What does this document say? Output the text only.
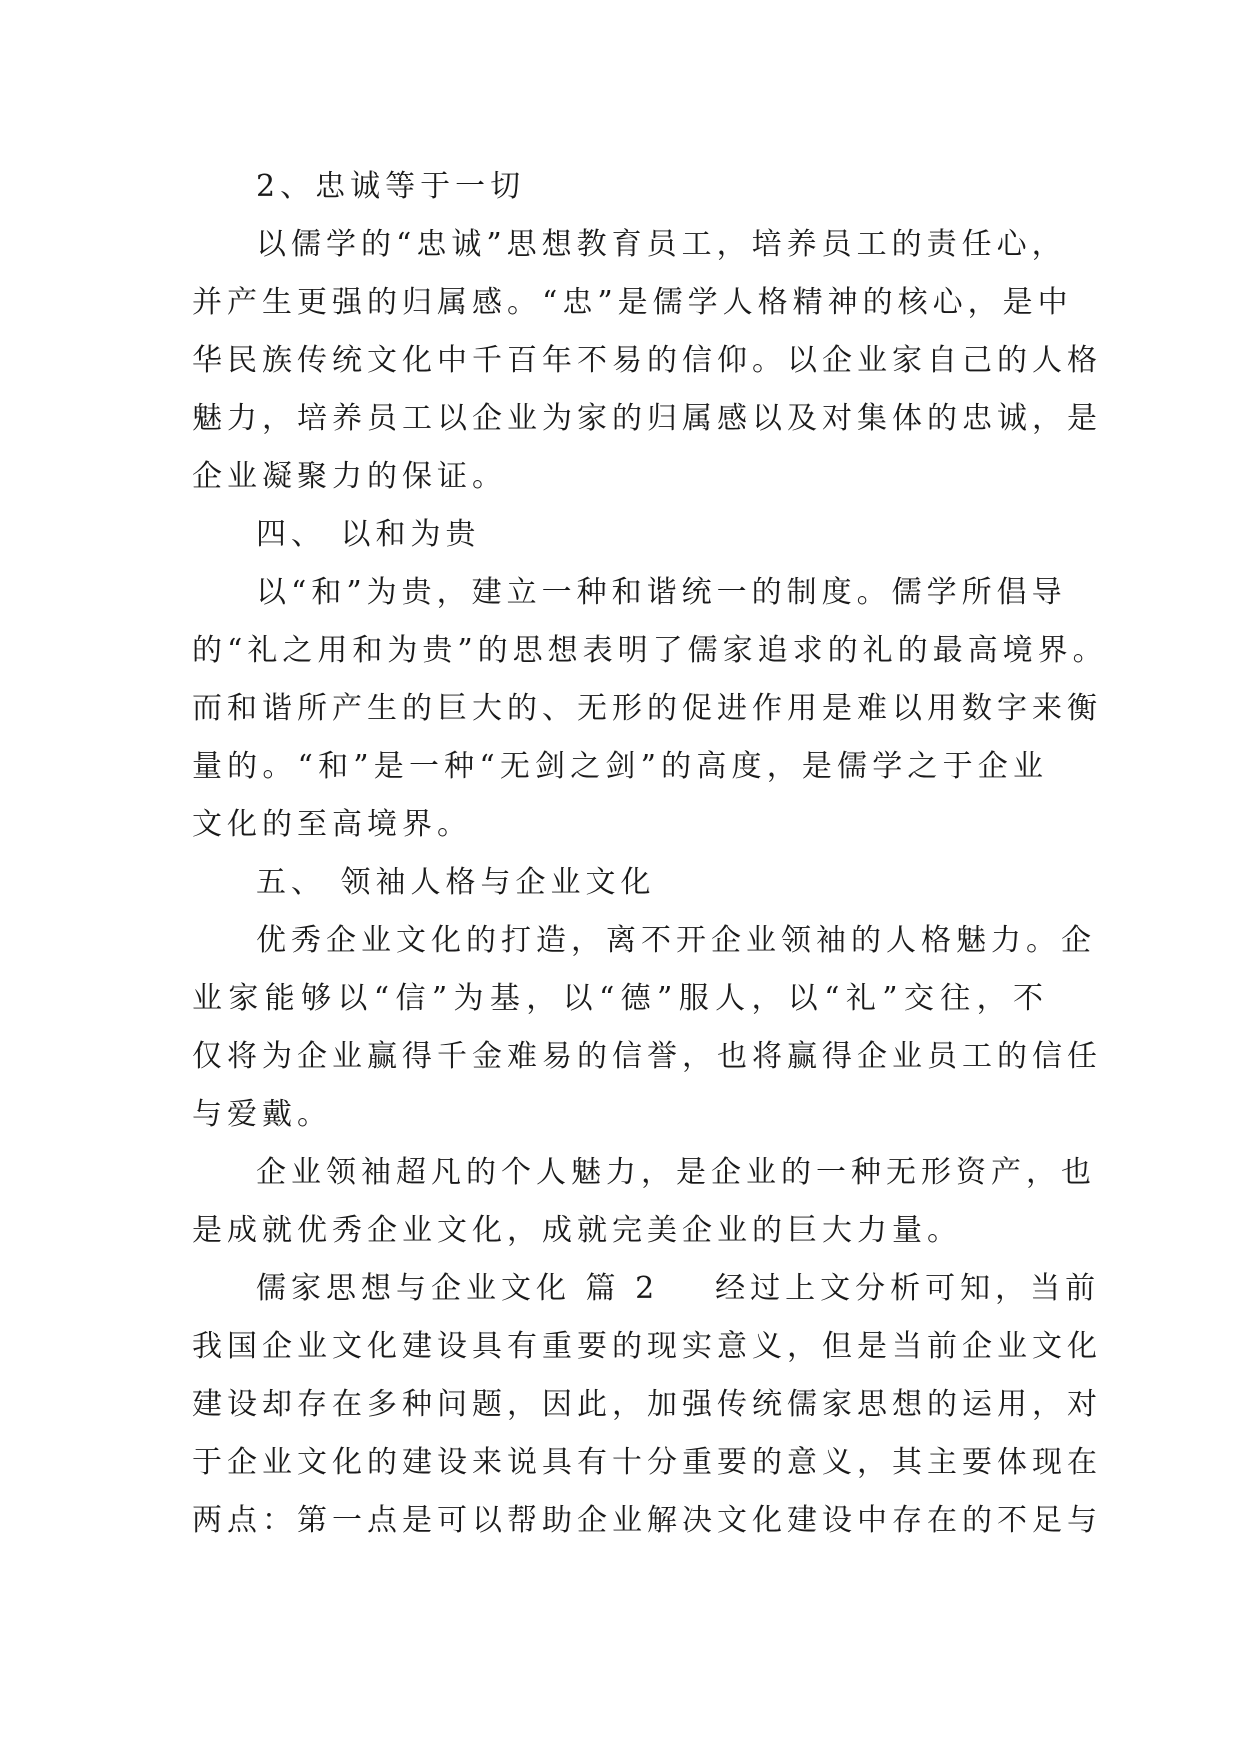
2、忠诚等于一切
以儒学的“忠诚”思想教育员工，培养员工的责任心，
并产生更强的归属感。“忠”是儒学人格精神的核心，是中
华民族传统文化中千百年不易的信仰。以企业家自己的人格
魅力，培养员工以企业为家的归属感以及对集体的忠诚，是
企业凝聚力的保证。
四、 以和为贵
以“和”为贵，建立一种和谐统一的制度。儒学所倡导
的“礼之用和为贵”的思想表明了儒家追求的礼的最高境界。
而和谐所产生的巨大的、无形的促进作用是难以用数字来衡
量的。“和”是一种“无剑之剑”的高度，是儒学之于企业
文化的至高境界。
五、 领袖人格与企业文化
优秀企业文化的打造，离不开企业领袖的人格魅力。企
业家能够以“信”为基，以“德”服人，以“礼”交往，不
仅将为企业赢得千金难易的信誉，也将赢得企业员工的信任
与爱戴。
企业领袖超凡的个人魅力，是企业的一种无形资产，也
是成就优秀企业文化，成就完美企业的巨大力量。
儒家思想与企业文化 篇 2 经过上文分析可知，当前
我国企业文化建设具有重要的现实意义，但是当前企业文化
建设却存在多种问题，因此，加强传统儒家思想的运用，对
于企业文化的建设来说具有十分重要的意义，其主要体现在
两点：第一点是可以帮助企业解决文化建设中存在的不足与
